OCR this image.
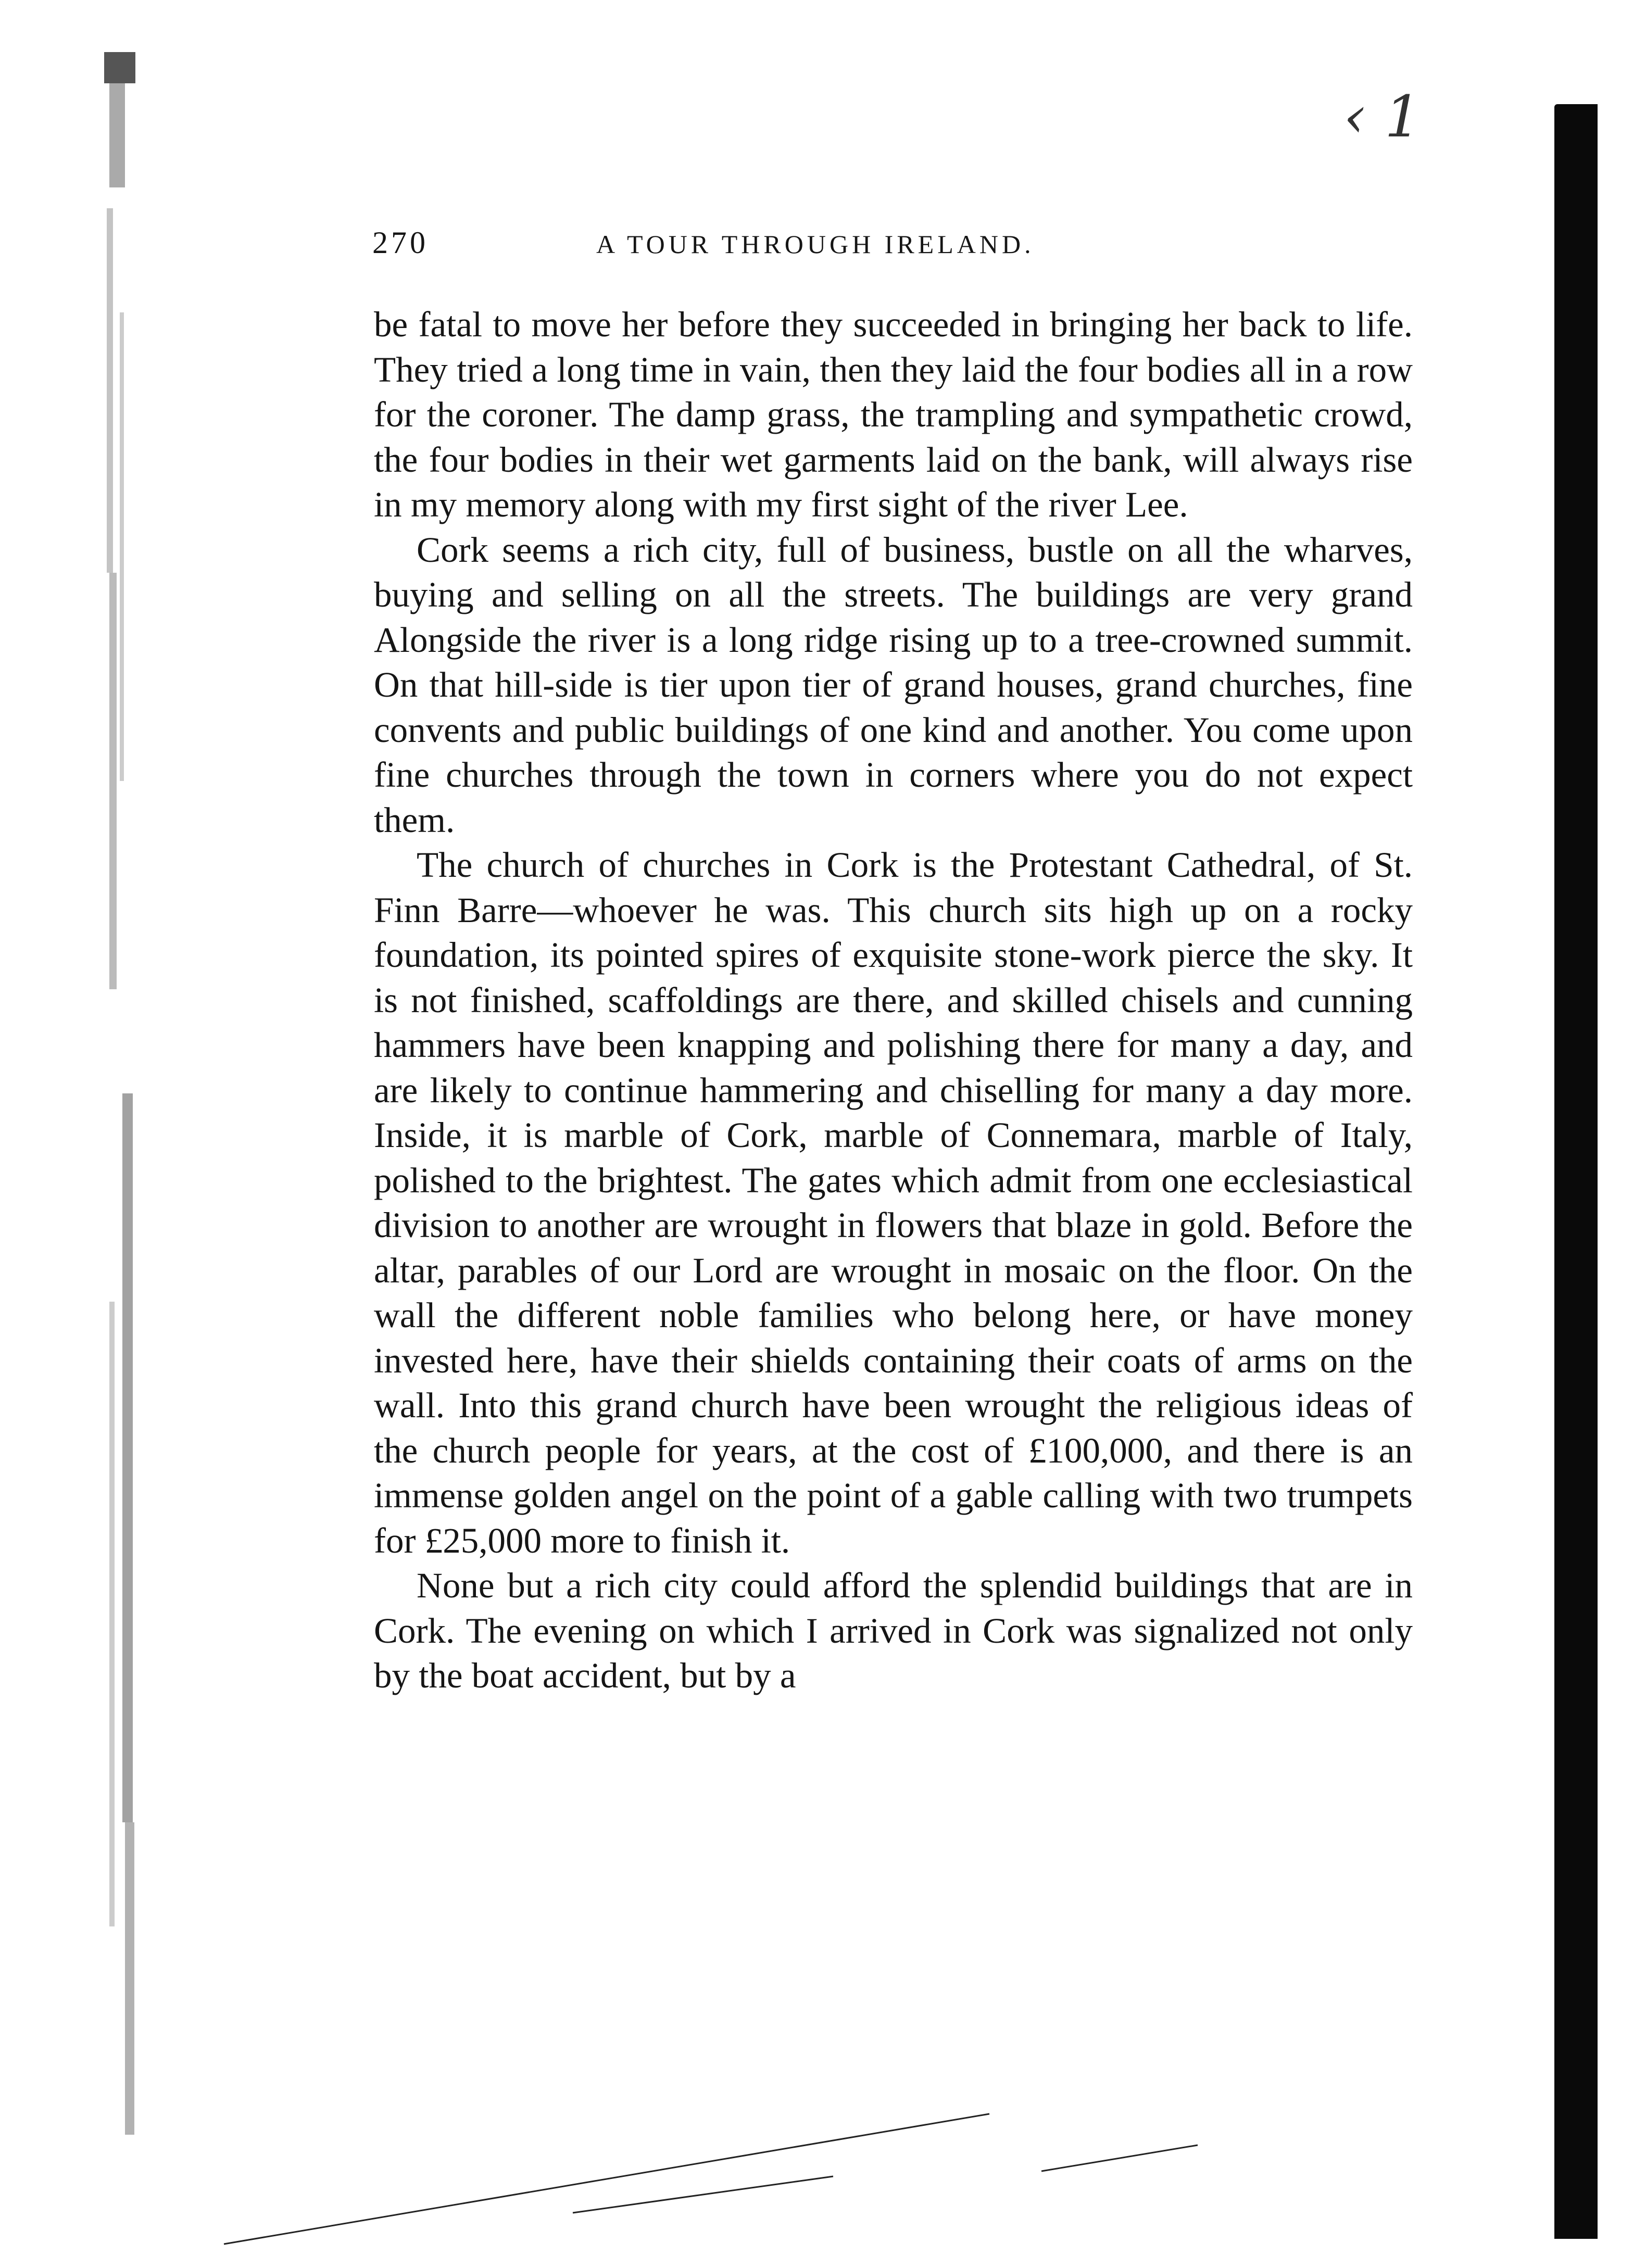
‹ 1
270	A TOUR THROUGH IRELAND.

be fatal to move her before they succeeded in bringing her back to life. They tried a long time in vain, then they laid the four bodies all in a row for the coroner. The damp grass, the trampling and sympathetic crowd, the four bodies in their wet garments laid on the bank, will always rise in my memory along with my first sight of the river Lee.

Cork seems a rich city, full of business, bustle on all the wharves, buying and selling on all the streets. The buildings are very grand Alongside the river is a long ridge rising up to a tree-crowned summit. On that hill-side is tier upon tier of grand houses, grand churches, fine convents and public buildings of one kind and another. You come upon fine churches through the town in corners where you do not expect them.

The church of churches in Cork is the Protestant Cathedral, of St. Finn Barre—whoever he was. This church sits high up on a rocky foundation, its pointed spires of exquisite stone-work pierce the sky. It is not finished, scaffoldings are there, and skilled chisels and cunning hammers have been knapping and polishing there for many a day, and are likely to continue hammering and chiselling for many a day more. Inside, it is marble of Cork, marble of Connemara, marble of Italy, polished to the brightest. The gates which admit from one ecclesiastical division to another are wrought in flowers that blaze in gold. Before the altar, parables of our Lord are wrought in mosaic on the floor. On the wall the different noble families who belong here, or have money invested here, have their shields containing their coats of arms on the wall. Into this grand church have been wrought the religious ideas of the church people for years, at the cost of £100,000, and there is an immense golden angel on the point of a gable calling with two trumpets for £25,000 more to finish it.

None but a rich city could afford the splendid buildings that are in Cork. The evening on which I arrived in Cork was signalized not only by the boat accident, but by a
